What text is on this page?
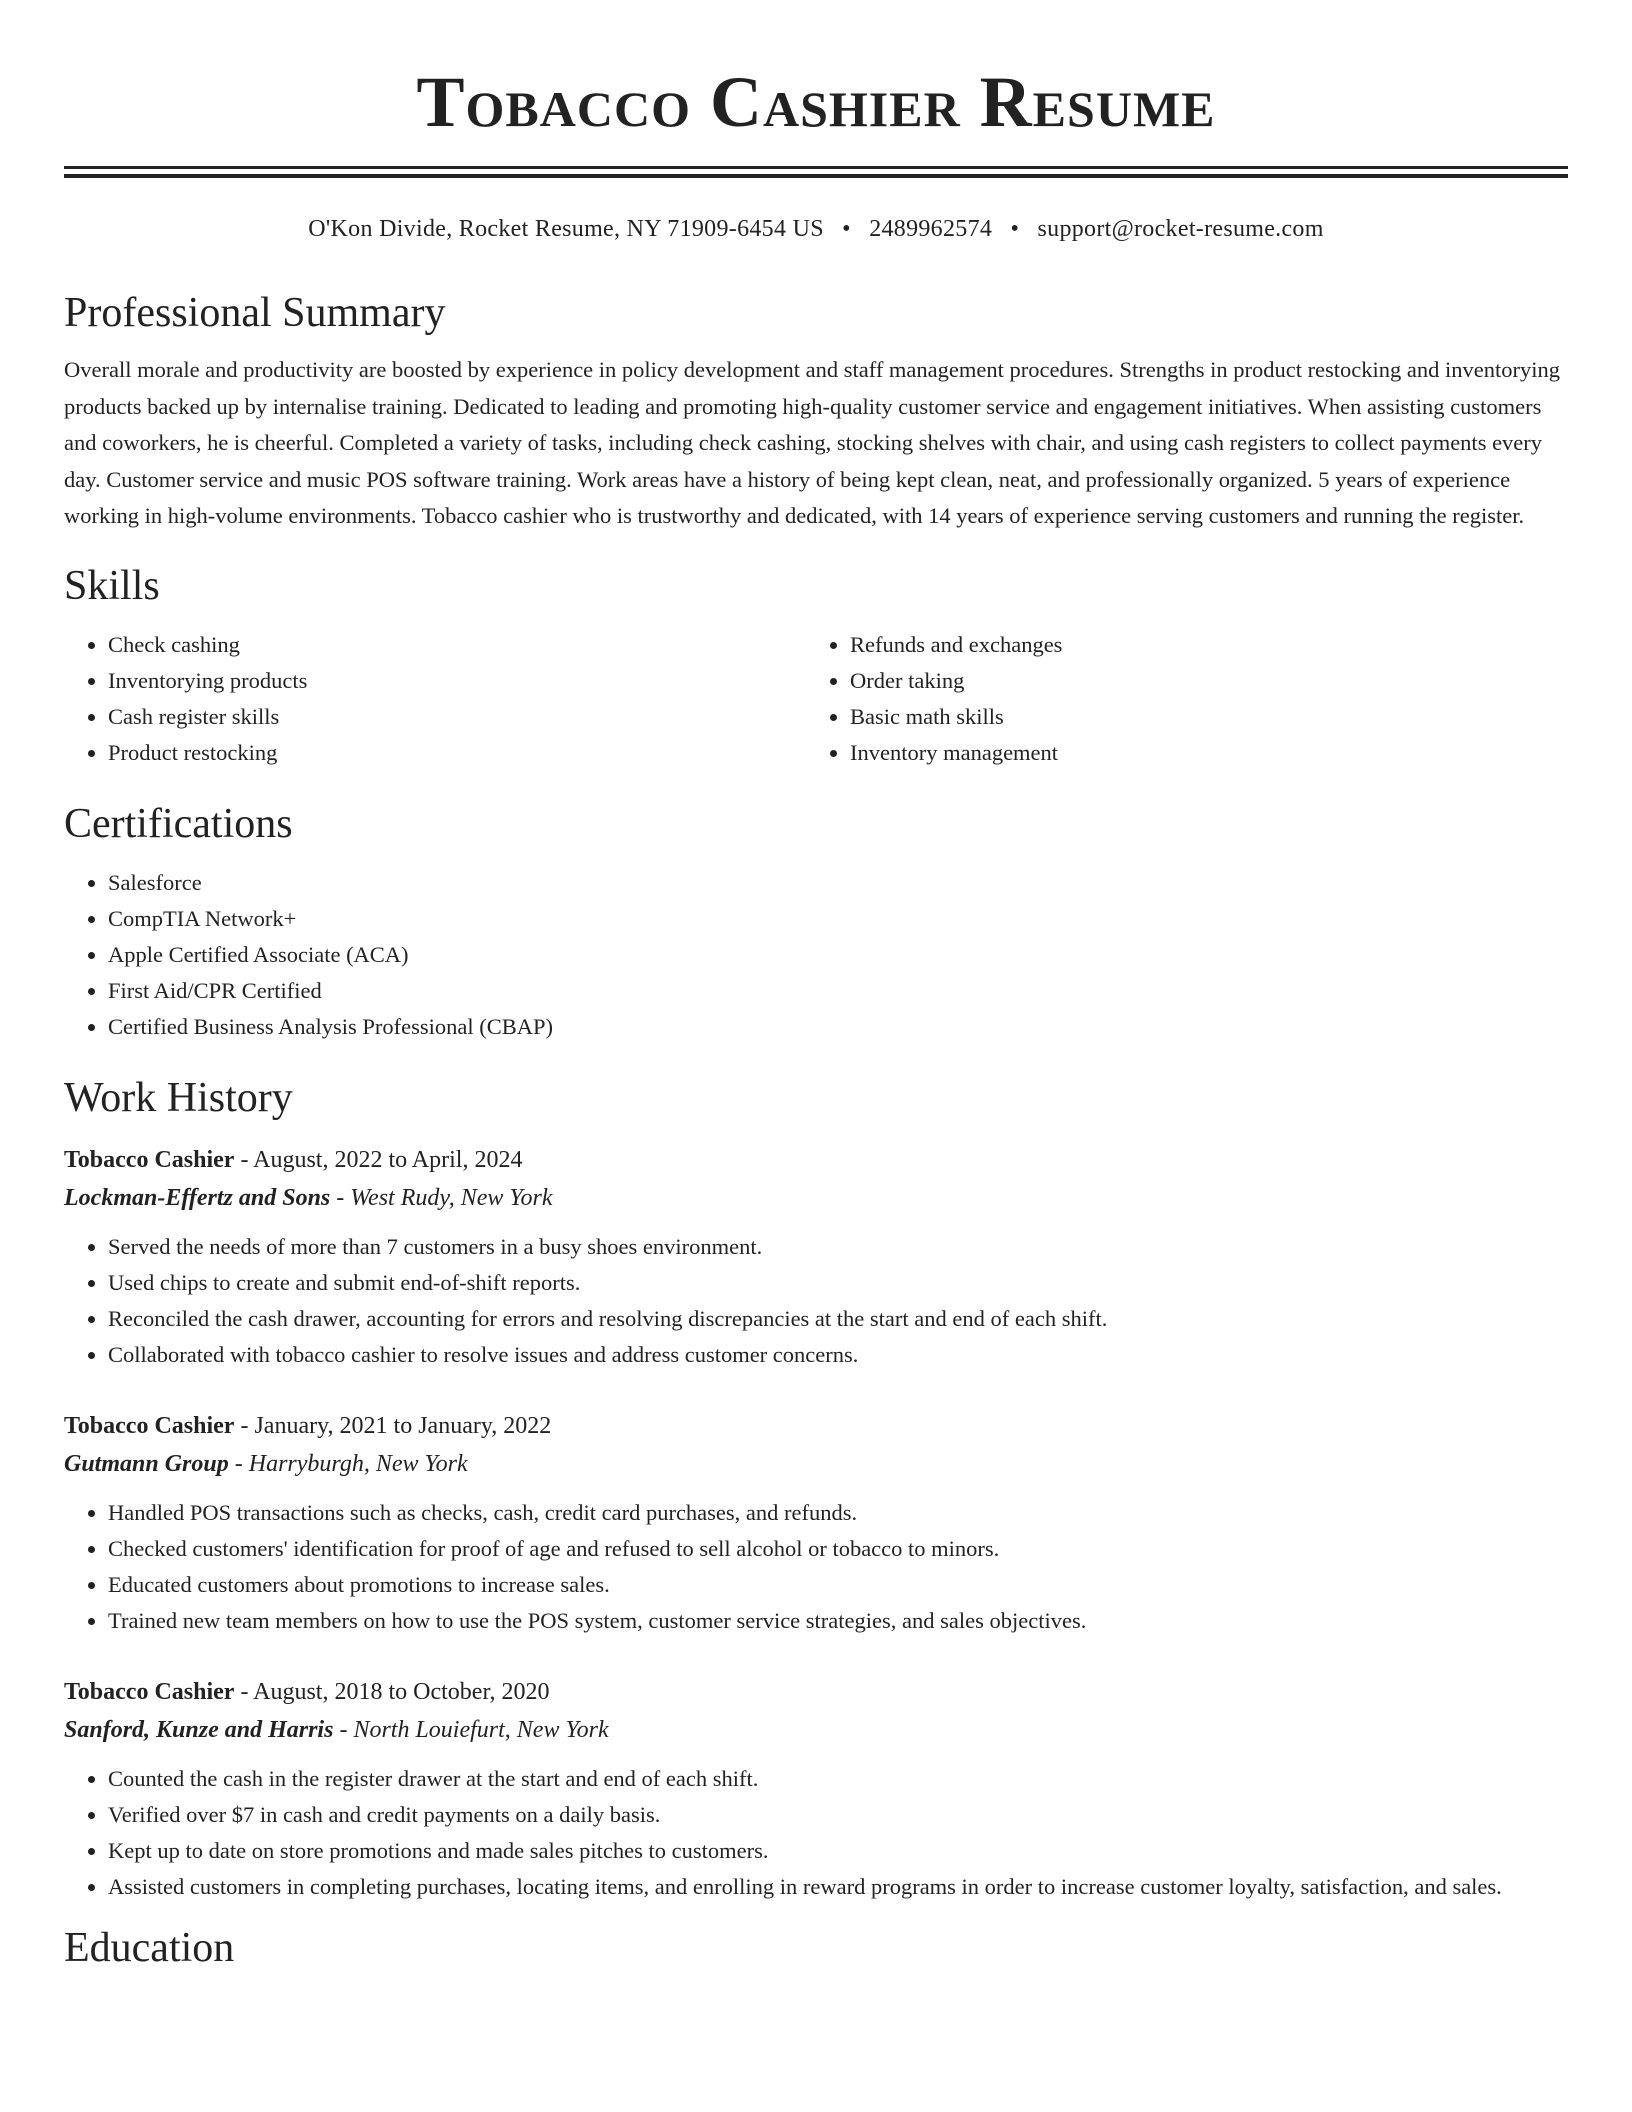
Tobacco Cashier Resume
O'Kon Divide, Rocket Resume, NY 71909-6454 US • 2489962574 • support@rocket-resume.com
Professional Summary

Overall morale and productivity are boosted by experience in policy development and staff management procedures. Strengths in product restocking and inventorying products backed up by internalise training. Dedicated to leading and promoting high-quality customer service and engagement initiatives. When assisting customers and coworkers, he is cheerful. Completed a variety of tasks, including check cashing, stocking shelves with chair, and using cash registers to collect payments every day. Customer service and music POS software training. Work areas have a history of being kept clean, neat, and professionally organized. 5 years of experience working in high-volume environments. Tobacco cashier who is trustworthy and dedicated, with 14 years of experience serving customers and running the register.

Skills
• Check cashing
• Inventorying products
• Cash register skills
• Product restocking
• Refunds and exchanges
• Order taking
• Basic math skills
• Inventory management
Certifications
• Salesforce
• CompTIA Network+
• Apple Certified Associate (ACA)
• First Aid/CPR Certified
• Certified Business Analysis Professional (CBAP)
Work History
Tobacco Cashier - August, 2022 to April, 2024
Lockman-Effertz and Sons - West Rudy, New York
• Served the needs of more than 7 customers in a busy shoes environment.
• Used chips to create and submit end-of-shift reports.
• Reconciled the cash drawer, accounting for errors and resolving discrepancies at the start and end of each shift.
• Collaborated with tobacco cashier to resolve issues and address customer concerns.
Tobacco Cashier - January, 2021 to January, 2022
Gutmann Group - Harryburgh, New York
• Handled POS transactions such as checks, cash, credit card purchases, and refunds.
• Checked customers' identification for proof of age and refused to sell alcohol or tobacco to minors.
• Educated customers about promotions to increase sales.
• Trained new team members on how to use the POS system, customer service strategies, and sales objectives.
Tobacco Cashier - August, 2018 to October, 2020
Sanford, Kunze and Harris - North Louiefurt, New York
• Counted the cash in the register drawer at the start and end of each shift.
• Verified over $7 in cash and credit payments on a daily basis.
• Kept up to date on store promotions and made sales pitches to customers.
• Assisted customers in completing purchases, locating items, and enrolling in reward programs in order to increase customer loyalty, satisfaction, and sales.
Education
